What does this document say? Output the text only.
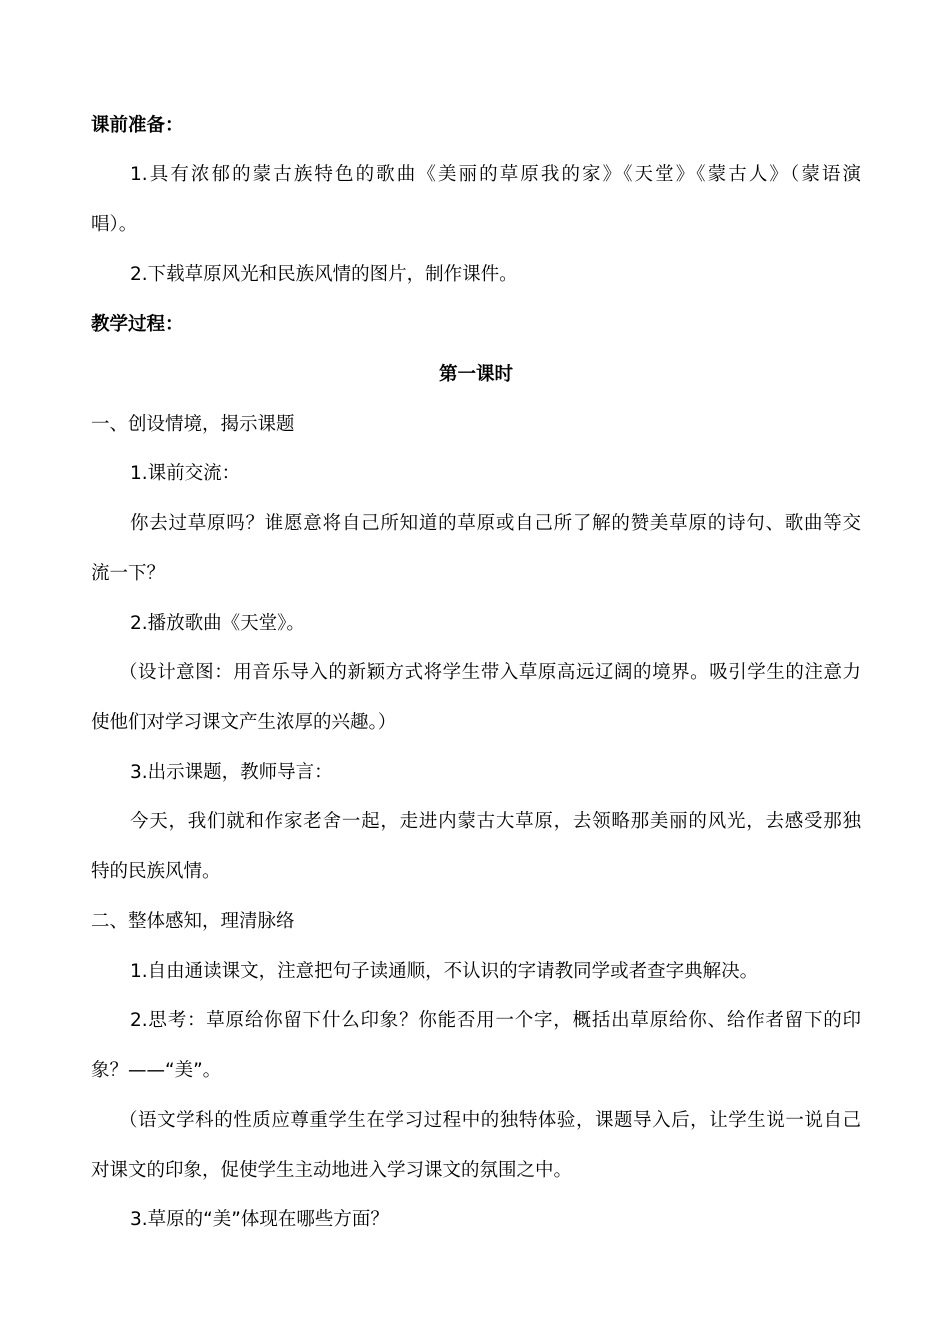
课前准备：
1.具有浓郁的蒙古族特色的歌曲《美丽的草原我的家》《天堂》《蒙古人》（蒙语演
唱）。
2.下载草原风光和民族风情的图片，制作课件。
教学过程：
第一课时
一、创设情境，揭示课题
1.课前交流：
你去过草原吗？谁愿意将自己所知道的草原或自己所了解的赞美草原的诗句、歌曲等交
流一下？
2.播放歌曲《天堂》。
（设计意图：用音乐导入的新颖方式将学生带入草原高远辽阔的境界。吸引学生的注意力
使他们对学习课文产生浓厚的兴趣。）
3.出示课题，教师导言：
今天，我们就和作家老舍一起，走进内蒙古大草原，去领略那美丽的风光，去感受那独
特的民族风情。
二、整体感知，理清脉络
1.自由通读课文，注意把句子读通顺，不认识的字请教同学或者查字典解决。
2.思考：草原给你留下什么印象？你能否用一个字，概括出草原给你、给作者留下的印
象？——“美”。
（语文学科的性质应尊重学生在学习过程中的独特体验，课题导入后，让学生说一说自己
对课文的印象，促使学生主动地进入学习课文的氛围之中。
3.草原的“美”体现在哪些方面？
